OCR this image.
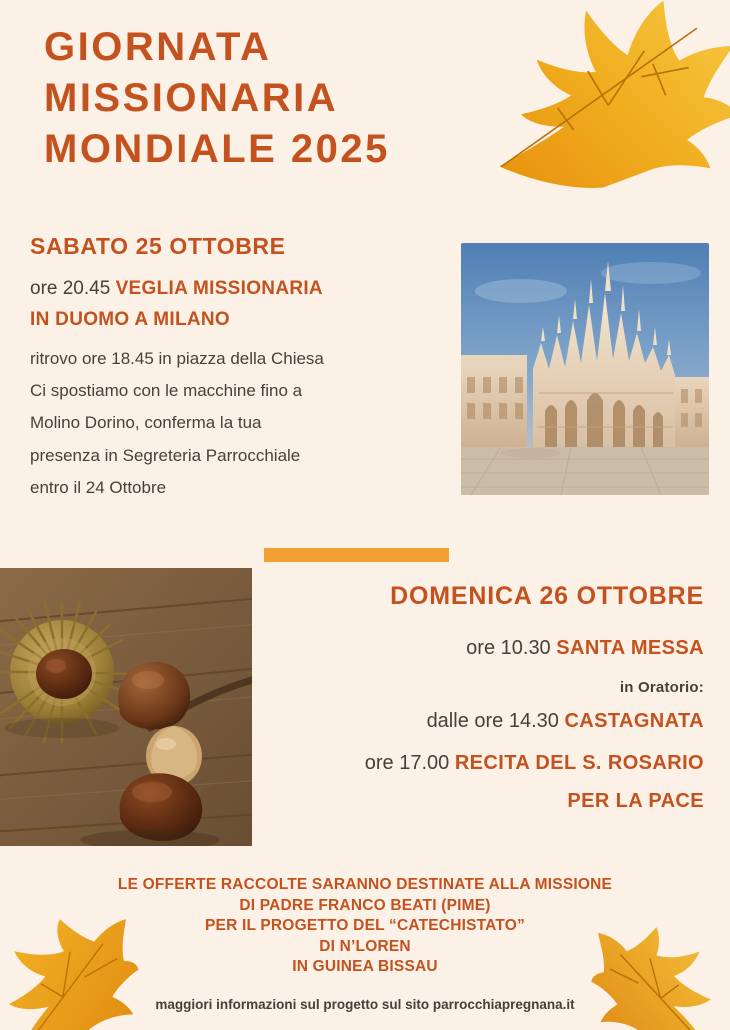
GIORNATA
MISSIONARIA
MONDIALE 2025
SABATO 25 OTTOBRE
ore 20.45 VEGLIA MISSIONARIA
IN DUOMO A MILANO
ritrovo ore 18.45 in piazza della Chiesa
Ci spostiamo con le macchine fino a
Molino Dorino, conferma la tua
presenza in Segreteria Parrocchiale
entro il 24 Ottobre
DOMENICA 26 OTTOBRE
ore 10.30 SANTA MESSA
in Oratorio:
dalle ore 14.30 CASTAGNATA
ore 17.00 RECITA DEL S. ROSARIO
PER LA PACE
LE OFFERTE RACCOLTE SARANNO DESTINATE ALLA MISSIONE
DI PADRE FRANCO BEATI (PIME)
PER IL PROGETTO DEL “CATECHISTATO”
DI N’LOREN
IN GUINEA BISSAU
maggiori informazioni sul progetto sul sito parrocchiapregnana.it
